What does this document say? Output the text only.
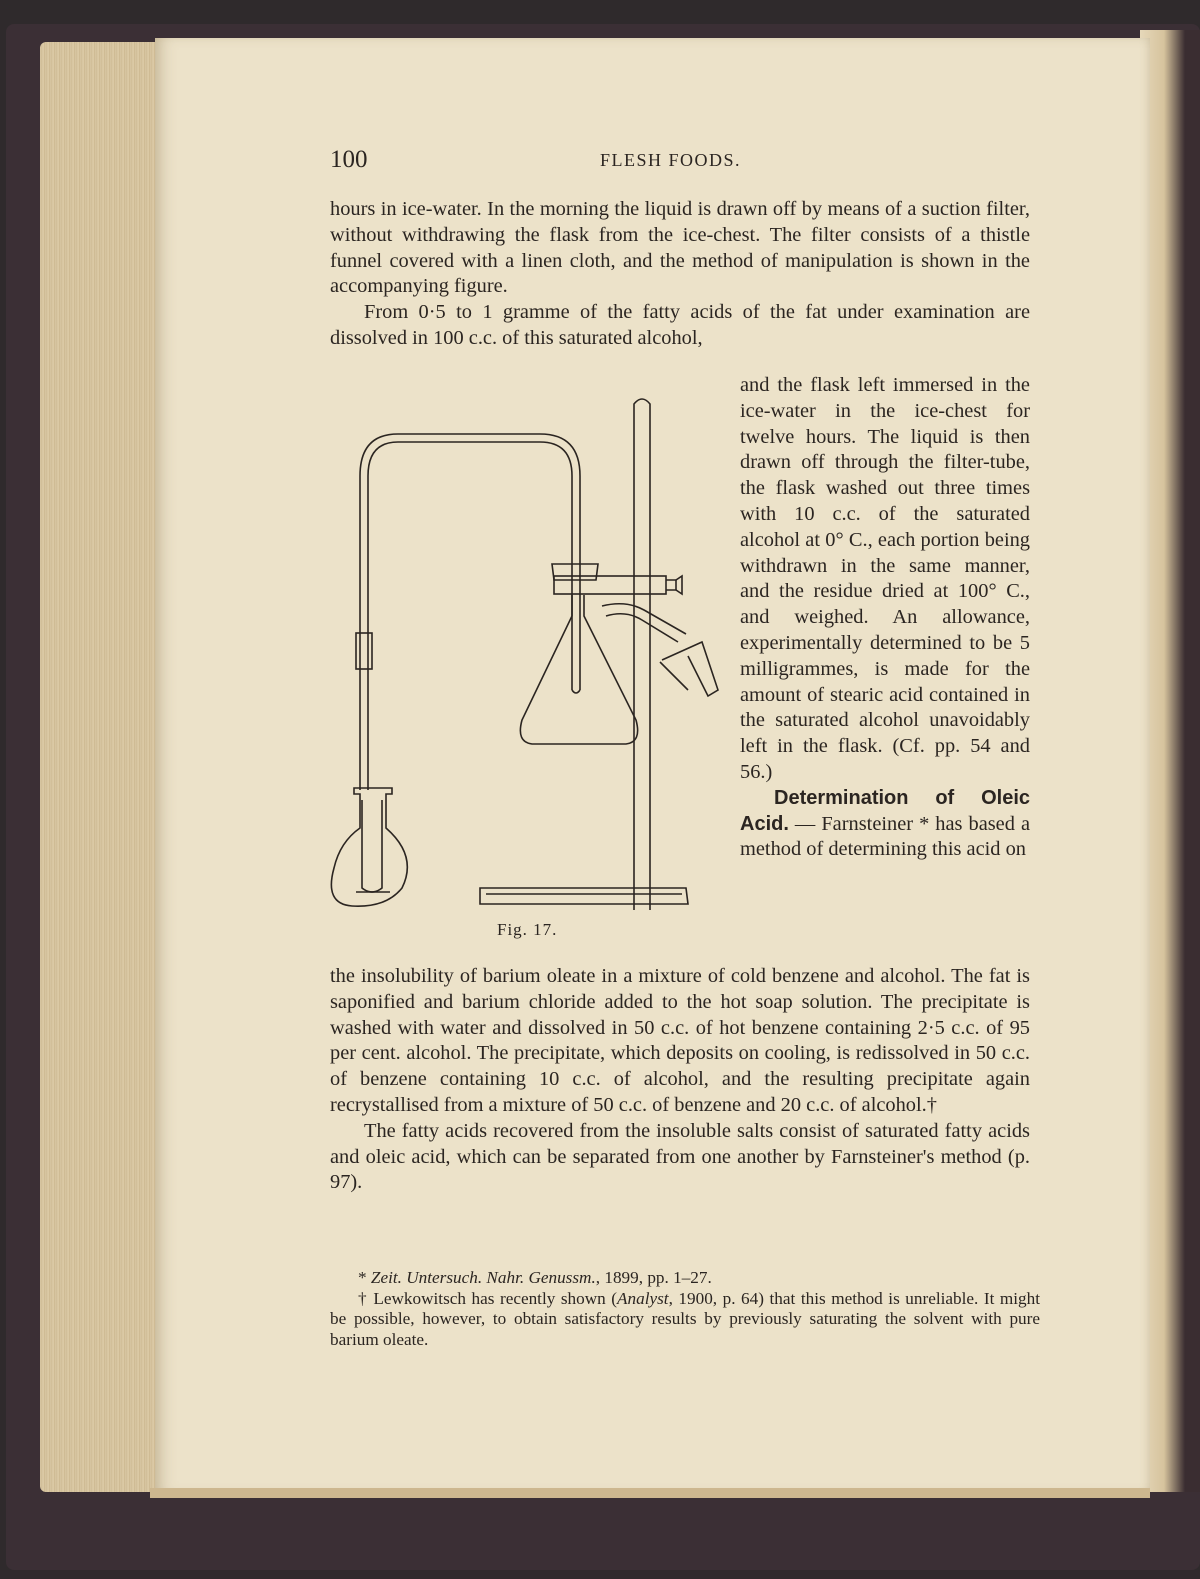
100	FLESH FOODS.

hours in ice-water. In the morning the liquid is drawn off by means of a suction filter, without withdrawing the flask from the ice-chest. The filter consists of a thistle funnel covered with a linen cloth, and the method of manipulation is shown in the accompanying figure.

From 0·5 to 1 gramme of the fatty acids of the fat under examination are dissolved in 100 c.c. of this saturated alcohol,

and the flask left immersed in the ice-water in the ice-chest for twelve hours. The liquid is then drawn off through the filter-tube, the flask washed out three times with 10 c.c. of the saturated alcohol at 0° C., each portion being withdrawn in the same manner, and the residue dried at 100° C., and weighed. An allowance, experimentally determined to be 5 milligrammes, is made for the amount of stearic acid contained in the saturated alcohol unavoidably left in the flask. (Cf. pp. 54 and 56.)

Determination of Oleic Acid. — Farnsteiner * has based a method of determining this acid on

Fig. 17.

the insolubility of barium oleate in a mixture of cold benzene and alcohol. The fat is saponified and barium chloride added to the hot soap solution. The precipitate is washed with water and dissolved in 50 c.c. of hot benzene containing 2·5 c.c. of 95 per cent. alcohol. The precipitate, which deposits on cooling, is redissolved in 50 c.c. of benzene containing 10 c.c. of alcohol, and the resulting precipitate again recrystallised from a mixture of 50 c.c. of benzene and 20 c.c. of alcohol.†

The fatty acids recovered from the insoluble salts consist of saturated fatty acids and oleic acid, which can be separated from one another by Farnsteiner's method (p. 97).

* Zeit. Untersuch. Nahr. Genussm., 1899, pp. 1–27.

† Lewkowitsch has recently shown (Analyst, 1900, p. 64) that this method is unreliable. It might be possible, however, to obtain satisfactory results by previously saturating the solvent with pure barium oleate.
